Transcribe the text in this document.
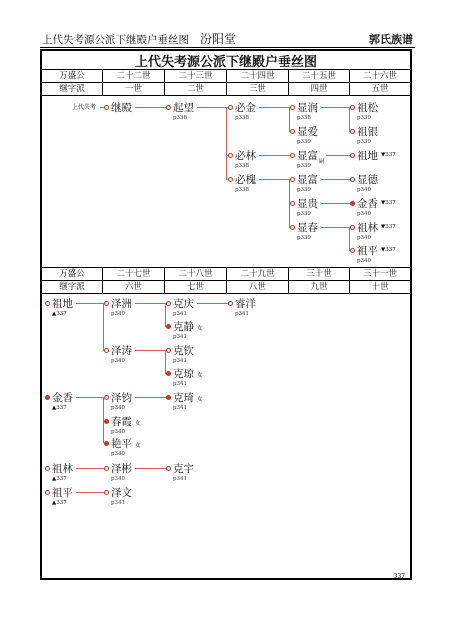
上代失考源公派下继殿户垂丝图 汾阳堂	郭氏族谱
上代失考源公派下继殿户垂丝图
万盛公	二十二世	二十三世	二十四世	二十五世	二十六世
继字派	一世	二世	三世	四世	五世
上代失考 继殿	起望
p338
必金
p338
必林
p338
必槐
p338
显润
p338
显爱
p339
显富 嗣
p339
显富
p339
显贵
p339
显春
p339
祖松
p339
祖银
p339
祖地 ▼337
显德
p340
金香 ▼337
p340
祖林 ▼337
p340
祖平 ▼337
p340
万盛公	二十七世	二十八世	二十九世	三十世	三十一世
继字派	六世	七世	八世	九世	十世
祖地
▲337
泽洲
p340
克庆
p341
睿洋
p341
克静 女
p341
泽涛
p340
克钦
p341
克琼 女
p341
金香
▲337
泽钧
p340
克琦 女
p341
春霞 女
p340
艳平 女
p340
祖林
▲337
泽彬
p340
克宇
p341
祖平
▲337
泽文
p341
337
